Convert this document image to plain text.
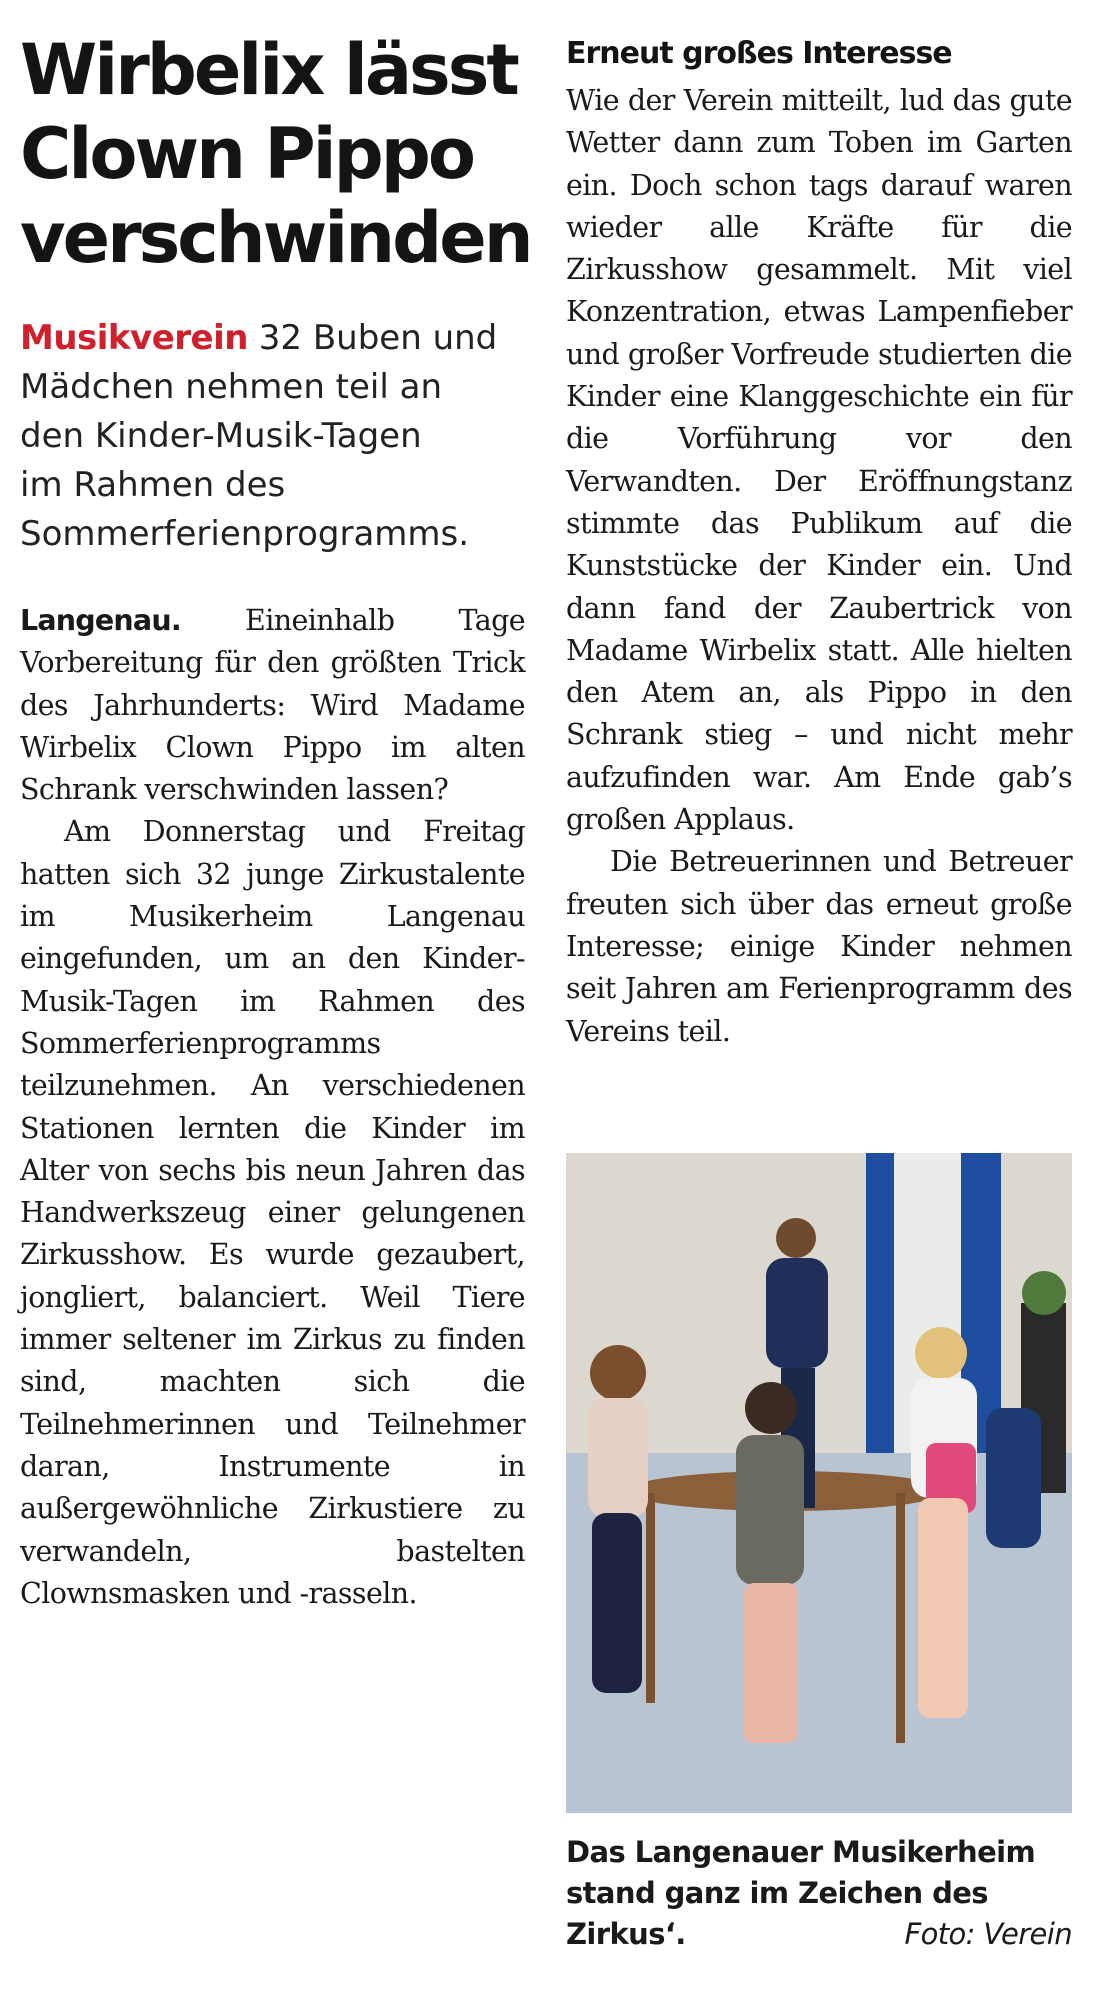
Wirbelix lässt
Clown Pippo
verschwinden
Musikverein 32 Buben und
Mädchen nehmen teil an
den Kinder-Musik-Tagen
im Rahmen des
Sommerferienprogramms.

Langenau. Eineinhalb Tage Vorbereitung für den größten Trick des Jahrhunderts: Wird Madame Wirbelix Clown Pippo im alten Schrank verschwinden lassen?

Am Donnerstag und Freitag hatten sich 32 junge Zirkustalente im Musikerheim Langenau eingefunden, um an den Kinder-Musik-Tagen im Rahmen des Sommerferienprogramms teilzunehmen. An verschiedenen Stationen lernten die Kinder im Alter von sechs bis neun Jahren das Handwerkszeug einer gelungenen Zirkusshow. Es wurde gezaubert, jongliert, balanciert. Weil Tiere immer seltener im Zirkus zu finden sind, machten sich die Teilnehmerinnen und Teilnehmer daran, Instrumente in außergewöhnliche Zirkustiere zu verwandeln, bastelten Clownsmasken und -rasseln.

Erneut großes Interesse

Wie der Verein mitteilt, lud das gute Wetter dann zum Toben im Garten ein. Doch schon tags darauf waren wieder alle Kräfte für die Zirkusshow gesammelt. Mit viel Konzentration, etwas Lampenfieber und großer Vorfreude studierten die Kinder eine Klanggeschichte ein für die Vorführung vor den Verwandten. Der Eröffnungstanz stimmte das Publikum auf die Kunststücke der Kinder ein. Und dann fand der Zaubertrick von Madame Wirbelix statt. Alle hielten den Atem an, als Pippo in den Schrank stieg – und nicht mehr aufzufinden war. Am Ende gab’s großen Applaus.

Die Betreuerinnen und Betreuer freuten sich über das erneut große Interesse; einige Kinder nehmen seit Jahren am Ferienprogramm des Vereins teil.

Das Langenauer Musikerheim stand ganz im Zeichen des Zirkus‘.	Foto: Verein
